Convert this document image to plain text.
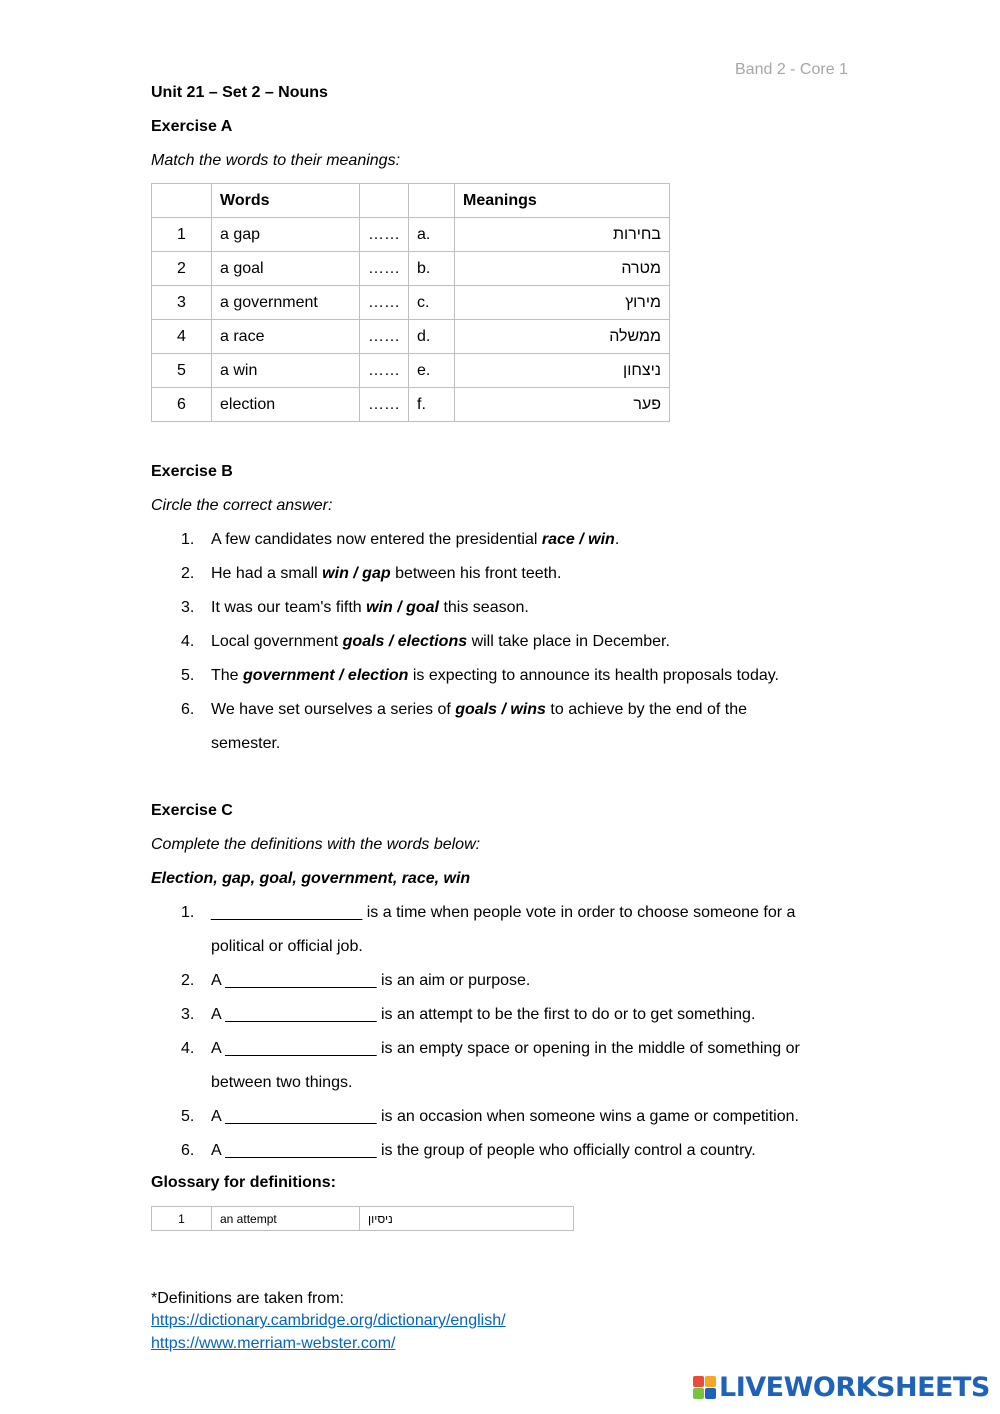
Band 2 - Core 1
Unit 21 – Set 2 – Nouns
Exercise A
Match the words to their meanings:
	Words			Meanings
1	a gap	……	a.	בחירות
2	a goal	……	b.	מטרה
3	a government	……	c.	מירוץ
4	a race	……	d.	ממשלה
5	a win	……	e.	ניצחון
6	election	……	f.	פער
Exercise B
Circle the correct answer:
1. A few candidates now entered the presidential race / win.
2. He had a small win / gap between his front teeth.
3. It was our team's fifth win / goal this season.
4. Local government goals / elections will take place in December.
5. The government / election is expecting to announce its health proposals today.
6. We have set ourselves a series of goals / wins to achieve by the end of the
semester.
Exercise C
Complete the definitions with the words below:
Election, gap, goal, government, race, win
1. _________________ is a time when people vote in order to choose someone for a
political or official job.
2. A _________________ is an aim or purpose.
3. A _________________ is an attempt to be the first to do or to get something.
4. A _________________ is an empty space or opening in the middle of something or
between two things.
5. A _________________ is an occasion when someone wins a game or competition.
6. A _________________ is the group of people who officially control a country.
Glossary for definitions:
1	an attempt	ניסיון
*Definitions are taken from:
https://dictionary.cambridge.org/dictionary/english/
https://www.merriam-webster.com/
LIVEWORKSHEETS
